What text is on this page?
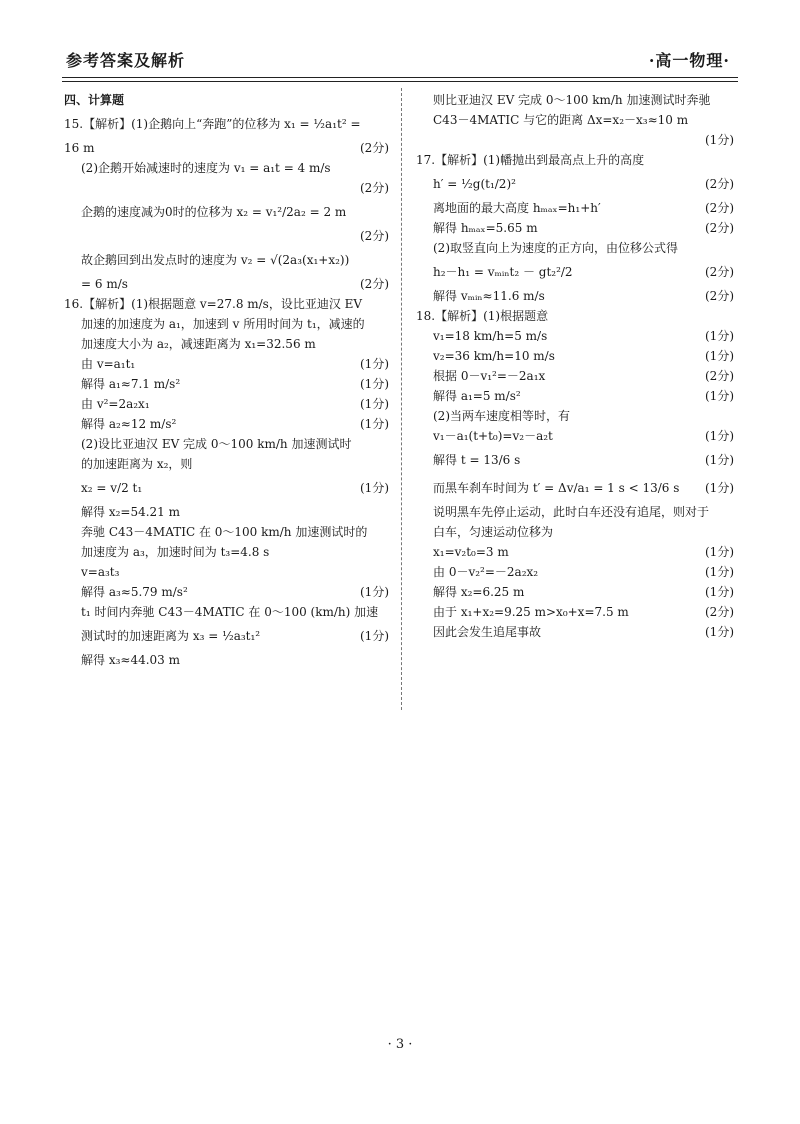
参考答案及解析	·高一物理·
四、计算题
15.【解析】(1)企鹅向上“奔跑”的位移为 x₁ = ½a₁t² =
16 m	(2分)
(2)企鹅开始减速时的速度为 v₁ = a₁t = 4 m/s
(2分)
企鹅的速度减为0时的位移为 x₂ = v₁²/2a₂ = 2 m
(2分)
故企鹅回到出发点时的速度为 v₂ = √(2a₃(x₁+x₂))
= 6 m/s	(2分)
16.【解析】(1)根据题意 v=27.8 m/s，设比亚迪汉 EV
加速的加速度为 a₁，加速到 v 所用时间为 t₁，减速的
加速度大小为 a₂，减速距离为 x₁=32.56 m
由 v=a₁t₁	(1分)
解得 a₁≈7.1 m/s²	(1分)
由 v²=2a₂x₁	(1分)
解得 a₂≈12 m/s²	(1分)
(2)设比亚迪汉 EV 完成 0～100 km/h 加速测试时
的加速距离为 x₂，则
x₂ = v/2 t₁	(1分)
解得 x₂=54.21 m
奔驰 C43－4MATIC 在 0～100 km/h 加速测试时的
加速度为 a₃，加速时间为 t₃=4.8 s
v=a₃t₃
解得 a₃≈5.79 m/s²	(1分)
t₁ 时间内奔驰 C43－4MATIC 在 0～100 (km/h) 加速
测试时的加速距离为 x₃ = ½a₃t₁²	(1分)
解得 x₃≈44.03 m
则比亚迪汉 EV 完成 0～100 km/h 加速测试时奔驰
C43－4MATIC 与它的距离 Δx=x₂－x₃≈10 m
(1分)
17.【解析】(1)幡抛出到最高点上升的高度
h′ = ½g(t₁/2)²	(2分)
离地面的最大高度 hₘₐₓ=h₁+h′	(2分)
解得 hₘₐₓ=5.65 m	(2分)
(2)取竖直向上为速度的正方向，由位移公式得
h₂－h₁ = vₘᵢₙt₂ － gt₂²/2	(2分)
解得 vₘᵢₙ≈11.6 m/s	(2分)
18.【解析】(1)根据题意
v₁=18 km/h=5 m/s	(1分)
v₂=36 km/h=10 m/s	(1分)
根据 0－v₁²=－2a₁x	(2分)
解得 a₁=5 m/s²	(1分)
(2)当两车速度相等时，有
v₁－a₁(t+t₀)=v₂－a₂t	(1分)
解得 t = 13/6 s	(1分)
而黑车刹车时间为 t′ = Δv/a₁ = 1 s < 13/6 s	(1分)
说明黑车先停止运动，此时白车还没有追尾，则对于
白车，匀速运动位移为
x₁=v₂t₀=3 m	(1分)
由 0－v₂²=－2a₂x₂	(1分)
解得 x₂=6.25 m	(1分)
由于 x₁+x₂=9.25 m>x₀+x=7.5 m	(2分)
因此会发生追尾事故	(1分)
· 3 ·
